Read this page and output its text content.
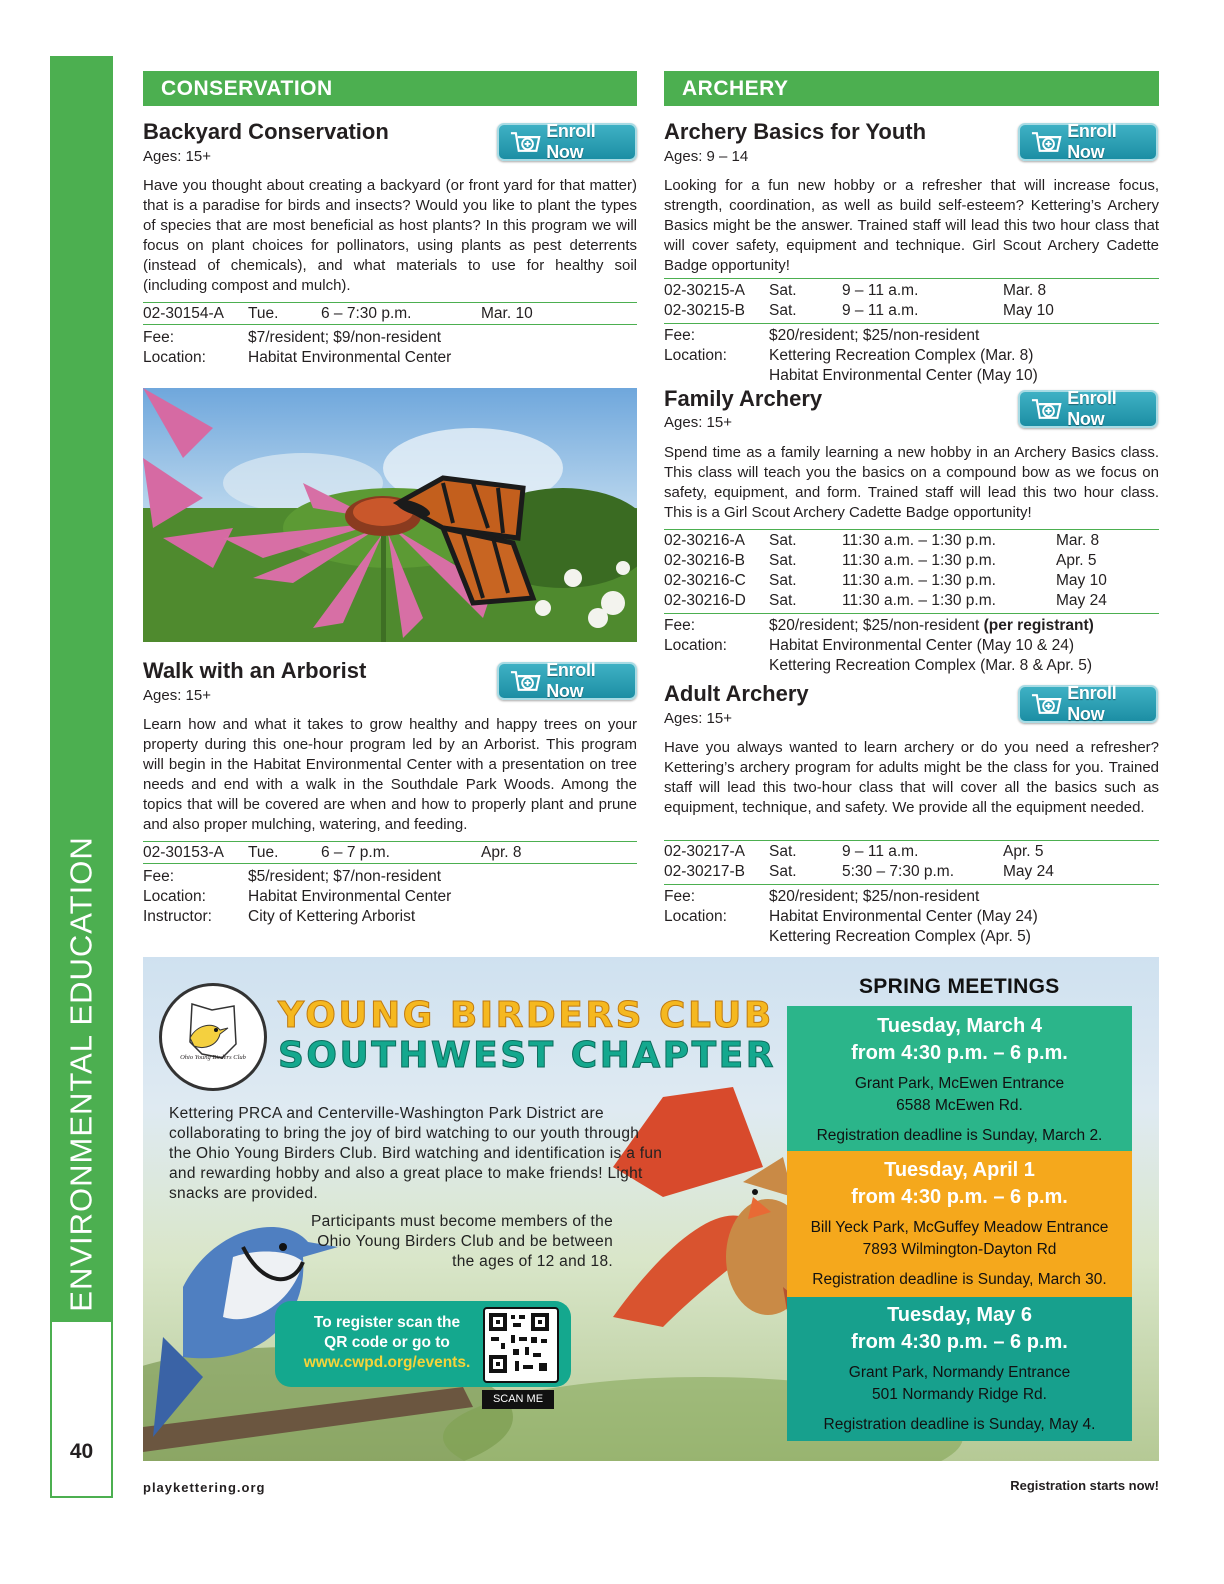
ENVIRONMENTAL EDUCATION
40
CONSERVATION
Backyard Conservation	Enroll Now
Ages: 15+
Have you thought about creating a backyard (or front yard for that matter) that is a paradise for birds and insects? Would you like to plant the types of species that are most beneficial as host plants? In this program we will focus on plant choices for pollinators, using plants as pest deterrents (instead of chemicals), and what materials to use for healthy soil (including compost and mulch).
02-30154-A Tue.	6 – 7:30 p.m.	Mar. 10
Fee:	$7/resident; $9/non-resident
Location:	Habitat Environmental Center
Walk with an Arborist	Enroll Now
Ages: 15+
Learn how and what it takes to grow healthy and happy trees on your property during this one-hour program led by an Arborist. This program will begin in the Habitat Environmental Center with a presentation on tree needs and end with a walk in the Southdale Park Woods. Among the topics that will be covered are when and how to properly plant and prune and also proper mulching, watering, and feeding.
02-30153-A Tue.	6 – 7 p.m.	Apr. 8
Fee:	$5/resident; $7/non-resident
Location:	Habitat Environmental Center
Instructor: City of Kettering Arborist
ARCHERY
Archery Basics for Youth	Enroll Now
Ages: 9 – 14
Looking for a fun new hobby or a refresher that will increase focus, strength, coordination, as well as build self-esteem? Kettering’s Archery Basics might be the answer. Trained staff will lead this two hour class that will cover safety, equipment and technique. Girl Scout Archery Cadette Badge opportunity!
02-30215-A Sat.	9 – 11 a.m.	Mar. 8
02-30215-B Sat.	9 – 11 a.m.	May 10
Fee:	$20/resident; $25/non-resident
Location:	Kettering Recreation Complex (Mar. 8)
Habitat Environmental Center (May 10)
Family Archery	Enroll Now
Ages: 15+
Spend time as a family learning a new hobby in an Archery Basics class. This class will teach you the basics on a compound bow as we focus on safety, equipment, and form. Trained staff will lead this two hour class. This is a Girl Scout Archery Cadette Badge opportunity!
02-30216-A Sat.	11:30 a.m. – 1:30 p.m.	Mar. 8
02-30216-B Sat.	11:30 a.m. – 1:30 p.m.	Apr. 5
02-30216-C Sat.	11:30 a.m. – 1:30 p.m.	May 10
02-30216-D Sat.	11:30 a.m. – 1:30 p.m.	May 24
Fee:	$20/resident; $25/non-resident (per registrant)
Location:	Habitat Environmental Center (May 10 & 24)
Kettering Recreation Complex (Mar. 8 & Apr. 5)
Adult Archery	Enroll Now
Ages: 15+
Have you always wanted to learn archery or do you need a refresher? Kettering’s archery program for adults might be the class for you. Trained staff will lead this two-hour class that will cover all the basics such as equipment, technique, and safety. We provide all the equipment needed.
02-30217-A Sat.	9 – 11 a.m.	Apr. 5
02-30217-B Sat.	5:30 – 7:30 p.m.	May 24
Fee:	$20/resident; $25/non-resident
Location:	Habitat Environmental Center (May 24)
Kettering Recreation Complex (Apr. 5)
Ohio Young Birders Club
YOUNG BIRDERS CLUB
SOUTHWEST CHAPTER
Kettering PRCA and Centerville-Washington Park District are collaborating to bring the joy of bird watching to our youth through the Ohio Young Birders Club. Bird watching and identification is a fun and rewarding hobby and also a great place to make friends! Light snacks are provided.
Participants must become members of the Ohio Young Birders Club and be between the ages of 12 and 18.
To register scan the
QR code or go to
www.cwpd.org/events.
SCAN ME
SPRING MEETINGS
Tuesday, March 4
from 4:30 p.m. – 6 p.m.
Grant Park, McEwen Entrance
6588 McEwen Rd.
Registration deadline is Sunday, March 2.
Tuesday, April 1
from 4:30 p.m. – 6 p.m.
Bill Yeck Park, McGuffey Meadow Entrance
7893 Wilmington-Dayton Rd
Registration deadline is Sunday, March 30.
Tuesday, May 6
from 4:30 p.m. – 6 p.m.
Grant Park, Normandy Entrance
501 Normandy Ridge Rd.
Registration deadline is Sunday, May 4.
playkettering.org	Registration starts now!
